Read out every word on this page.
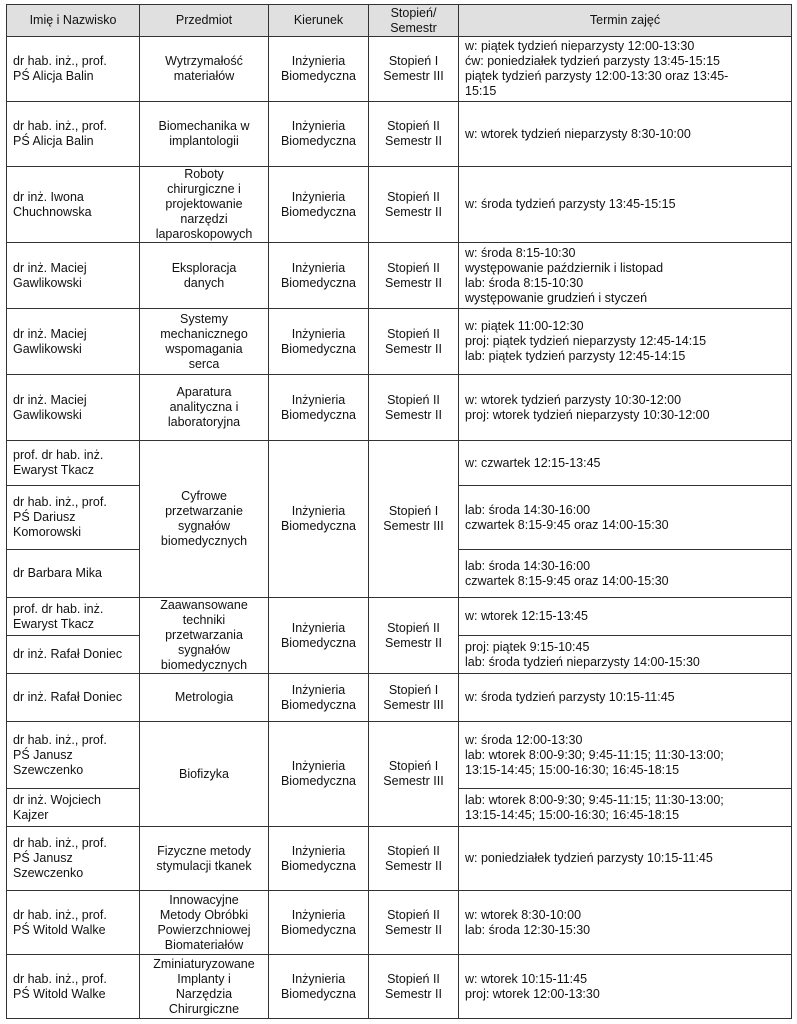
Imię i Nazwisko	Przedmiot	Kierunek	Stopień/
Semestr	Termin zajęć

dr hab. inż., prof.
PŚ Alicja Balin	Wytrzymałość
materiałów	Inżynieria
Biomedyczna	Stopień I
Semestr III	w: piątek tydzień nieparzysty 12:00-13:30
ćw: poniedziałek tydzień parzysty 13:45-15:15
piątek tydzień parzysty 12:00-13:30 oraz 13:45-
15:15

dr hab. inż., prof.
PŚ Alicja Balin	Biomechanika w
implantologii	Inżynieria
Biomedyczna	Stopień II
Semestr II	w: wtorek tydzień nieparzysty 8:30-10:00

dr inż. Iwona
Chuchnowska	Roboty
chirurgiczne i
projektowanie
narzędzi
laparoskopowych	Inżynieria
Biomedyczna	Stopień II
Semestr II	w: środa tydzień parzysty 13:45-15:15

dr inż. Maciej
Gawlikowski	Eksploracja
danych	Inżynieria
Biomedyczna	Stopień II
Semestr II	w: środa 8:15-10:30
występowanie październik i listopad
lab: środa 8:15-10:30
występowanie grudzień i styczeń

dr inż. Maciej
Gawlikowski	Systemy
mechanicznego
wspomagania
serca	Inżynieria
Biomedyczna	Stopień II
Semestr II	w: piątek 11:00-12:30
proj: piątek tydzień nieparzysty 12:45-14:15
lab: piątek tydzień parzysty 12:45-14:15

dr inż. Maciej
Gawlikowski	Aparatura
analityczna i
laboratoryjna	Inżynieria
Biomedyczna	Stopień II
Semestr II	w: wtorek tydzień parzysty 10:30-12:00
proj: wtorek tydzień nieparzysty 10:30-12:00

prof. dr hab. inż.
Ewaryst Tkacz	Cyfrowe
przetwarzanie
sygnałów
biomedycznych	Inżynieria
Biomedyczna	Stopień I
Semestr III	w: czwartek 12:15-13:45

dr hab. inż., prof.
PŚ Dariusz
Komorowski				lab: środa 14:30-16:00
czwartek 8:15-9:45 oraz 14:00-15:30

dr Barbara Mika				lab: środa 14:30-16:00
czwartek 8:15-9:45 oraz 14:00-15:30

prof. dr hab. inż.
Ewaryst Tkacz	Zaawansowane
techniki
przetwarzania
sygnałów
biomedycznych	Inżynieria
Biomedyczna	Stopień II
Semestr II	w: wtorek 12:15-13:45

dr inż. Rafał Doniec				proj: piątek 9:15-10:45
lab: środa tydzień nieparzysty 14:00-15:30

dr inż. Rafał Doniec	Metrologia	Inżynieria
Biomedyczna	Stopień I
Semestr III	w: środa tydzień parzysty 10:15-11:45

dr hab. inż., prof.
PŚ Janusz
Szewczenko	Biofizyka	Inżynieria
Biomedyczna	Stopień I
Semestr III	w: środa 12:00-13:30
lab: wtorek 8:00-9:30; 9:45-11:15; 11:30-13:00;
13:15-14:45; 15:00-16:30; 16:45-18:15

dr inż. Wojciech
Kajzer				lab: wtorek 8:00-9:30; 9:45-11:15; 11:30-13:00;
13:15-14:45; 15:00-16:30; 16:45-18:15

dr hab. inż., prof.
PŚ Janusz
Szewczenko	Fizyczne metody
stymulacji tkanek	Inżynieria
Biomedyczna	Stopień II
Semestr II	w: poniedziałek tydzień parzysty 10:15-11:45

dr hab. inż., prof.
PŚ Witold Walke	Innowacyjne
Metody Obróbki
Powierzchniowej
Biomateriałów	Inżynieria
Biomedyczna	Stopień II
Semestr II	w: wtorek 8:30-10:00
lab: środa 12:30-15:30

dr hab. inż., prof.
PŚ Witold Walke	Zminiaturyzowane
Implanty i
Narzędzia
Chirurgiczne	Inżynieria
Biomedyczna	Stopień II
Semestr II	w: wtorek 10:15-11:45
proj: wtorek 12:00-13:30
